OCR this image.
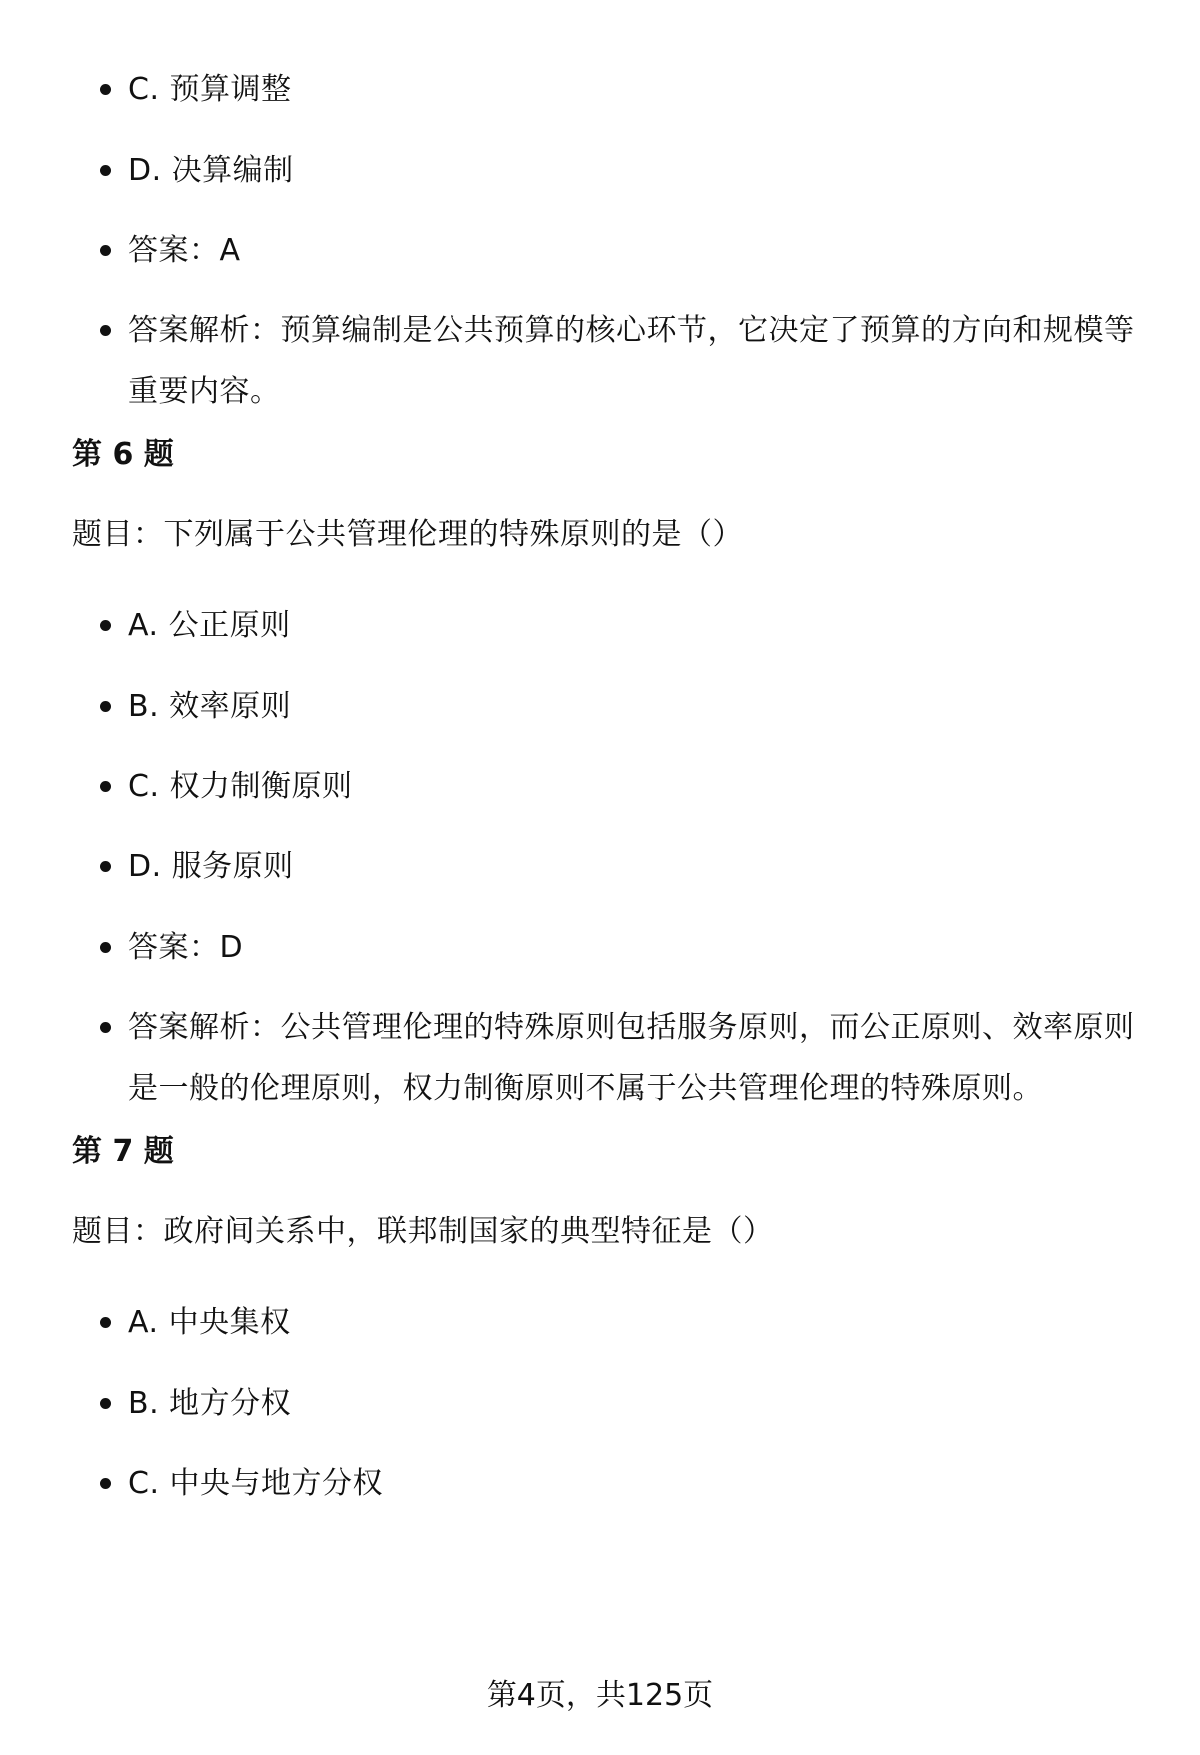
C. 预算调整
D. 决算编制
答案：A
答案解析：预算编制是公共预算的核心环节，它决定了预算的方向和规模等重要内容。
第 6 题
题目：下列属于公共管理伦理的特殊原则的是（）
A. 公正原则
B. 效率原则
C. 权力制衡原则
D. 服务原则
答案：D
答案解析：公共管理伦理的特殊原则包括服务原则，而公正原则、效率原则是一般的伦理原则，权力制衡原则不属于公共管理伦理的特殊原则。
第 7 题
题目：政府间关系中，联邦制国家的典型特征是（）
A. 中央集权
B. 地方分权
C. 中央与地方分权
第4页，共125页
